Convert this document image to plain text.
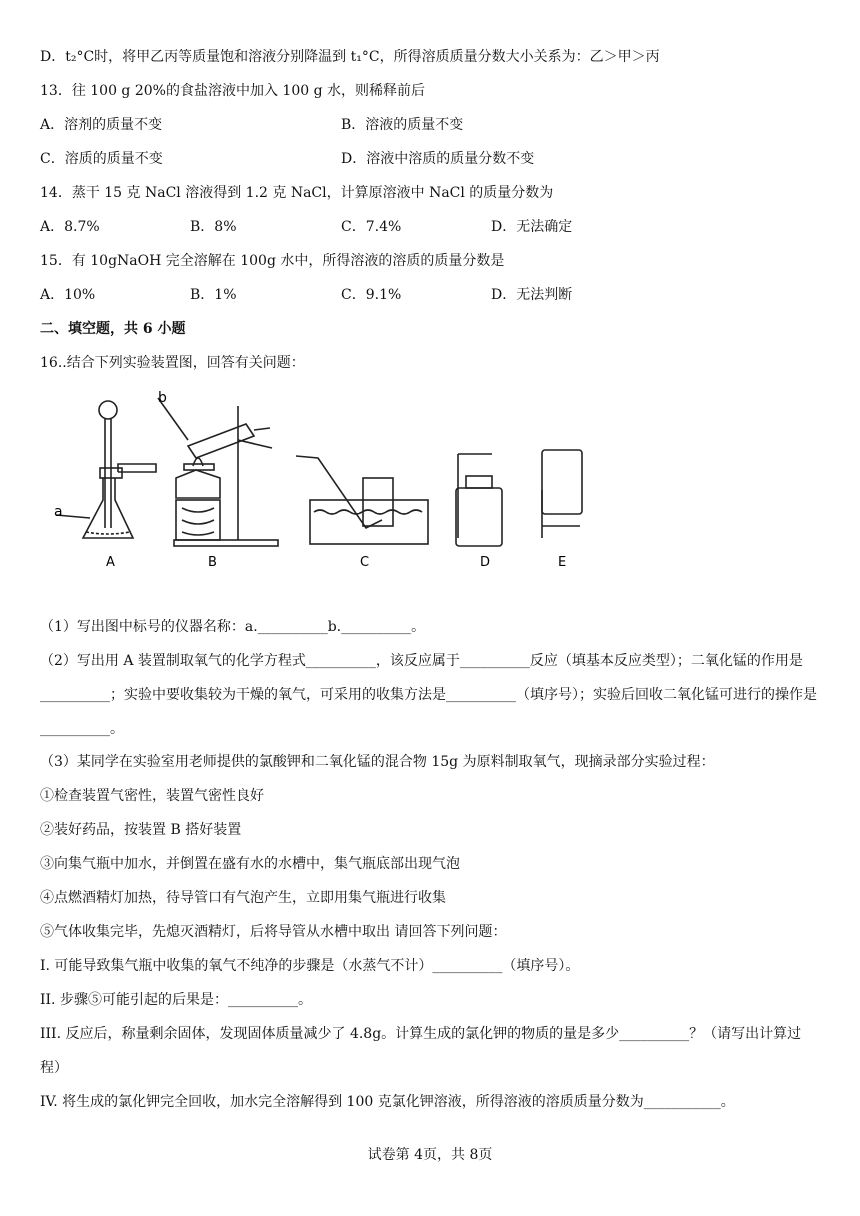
D．t₂°C时，将甲乙丙等质量饱和溶液分别降温到 t₁°C，所得溶质质量分数大小关系为：乙＞甲＞丙
13．往 100 g 20%的食盐溶液中加入 100 g 水，则稀释前后
A．溶剂的质量不变	B．溶液的质量不变
C．溶质的质量不变	D．溶液中溶质的质量分数不变
14．蒸干 15 克 NaCl 溶液得到 1.2 克 NaCl，计算原溶液中 NaCl 的质量分数为
A．8.7%	B．8%	C．7.4%	D．无法确定
15．有 10gNaOH 完全溶解在 100g 水中，所得溶液的溶质的质量分数是
A．10%	B．1%	C．9.1%	D．无法判断
二、填空题，共 6 小题
16..结合下列实验装置图，回答有关问题：
a
b
A	B	C	D	E
（1）写出图中标号的仪器名称：a.__________b.__________。
（2）写出用 A 装置制取氧气的化学方程式__________，该反应属于__________反应（填基本反应类型）；二氧化锰的作用是__________；实验中要收集较为干燥的氧气，可采用的收集方法是__________（填序号）；实验后回收二氧化锰可进行的操作是__________。
（3）某同学在实验室用老师提供的氯酸钾和二氧化锰的混合物 15g 为原料制取氧气，现摘录部分实验过程：
①检查装置气密性，装置气密性良好
②装好药品，按装置 B 搭好装置
③向集气瓶中加水，并倒置在盛有水的水槽中，集气瓶底部出现气泡
④点燃酒精灯加热，待导管口有气泡产生，立即用集气瓶进行收集
⑤气体收集完毕，先熄灭酒精灯，后将导管从水槽中取出 请回答下列问题：
I. 可能导致集气瓶中收集的氧气不纯净的步骤是（水蒸气不计）__________（填序号）。
II. 步骤⑤可能引起的后果是：__________。
III. 反应后，称量剩余固体，发现固体质量减少了 4.8g。计算生成的氯化钾的物质的量是多少__________？（请写出计算过程）
IV. 将生成的氯化钾完全回收，加水完全溶解得到 100 克氯化钾溶液，所得溶液的溶质质量分数为___________。
试卷第 4页，共 8页
